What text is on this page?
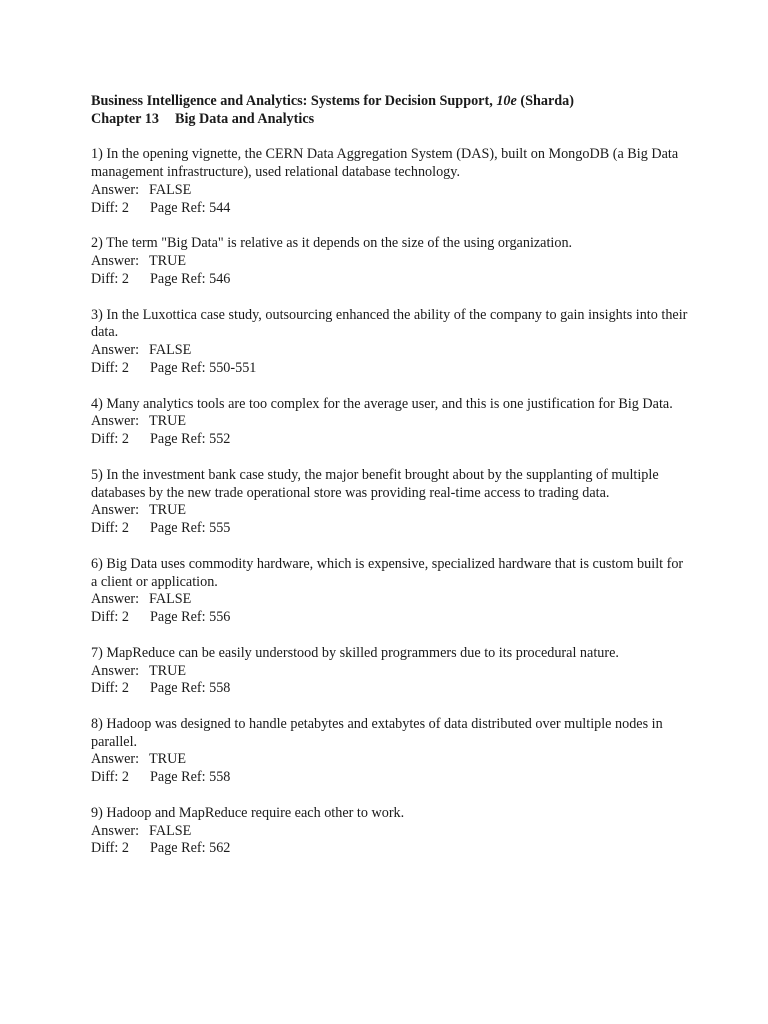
Business Intelligence and Analytics: Systems for Decision Support, 10e (Sharda)
Chapter 13 Big Data and Analytics
1) In the opening vignette, the CERN Data Aggregation System (DAS), built on MongoDB (a Big Data management infrastructure), used relational database technology.
Answer: FALSE
Diff: 2 Page Ref: 544
2) The term "Big Data" is relative as it depends on the size of the using organization.
Answer: TRUE
Diff: 2 Page Ref: 546
3) In the Luxottica case study, outsourcing enhanced the ability of the company to gain insights into their data.
Answer: FALSE
Diff: 2 Page Ref: 550-551
4) Many analytics tools are too complex for the average user, and this is one justification for Big Data.
Answer: TRUE
Diff: 2 Page Ref: 552
5) In the investment bank case study, the major benefit brought about by the supplanting of multiple databases by the new trade operational store was providing real-time access to trading data.
Answer: TRUE
Diff: 2 Page Ref: 555
6) Big Data uses commodity hardware, which is expensive, specialized hardware that is custom built for a client or application.
Answer: FALSE
Diff: 2 Page Ref: 556
7) MapReduce can be easily understood by skilled programmers due to its procedural nature.
Answer: TRUE
Diff: 2 Page Ref: 558
8) Hadoop was designed to handle petabytes and extabytes of data distributed over multiple nodes in parallel.
Answer: TRUE
Diff: 2 Page Ref: 558
9) Hadoop and MapReduce require each other to work.
Answer: FALSE
Diff: 2 Page Ref: 562
